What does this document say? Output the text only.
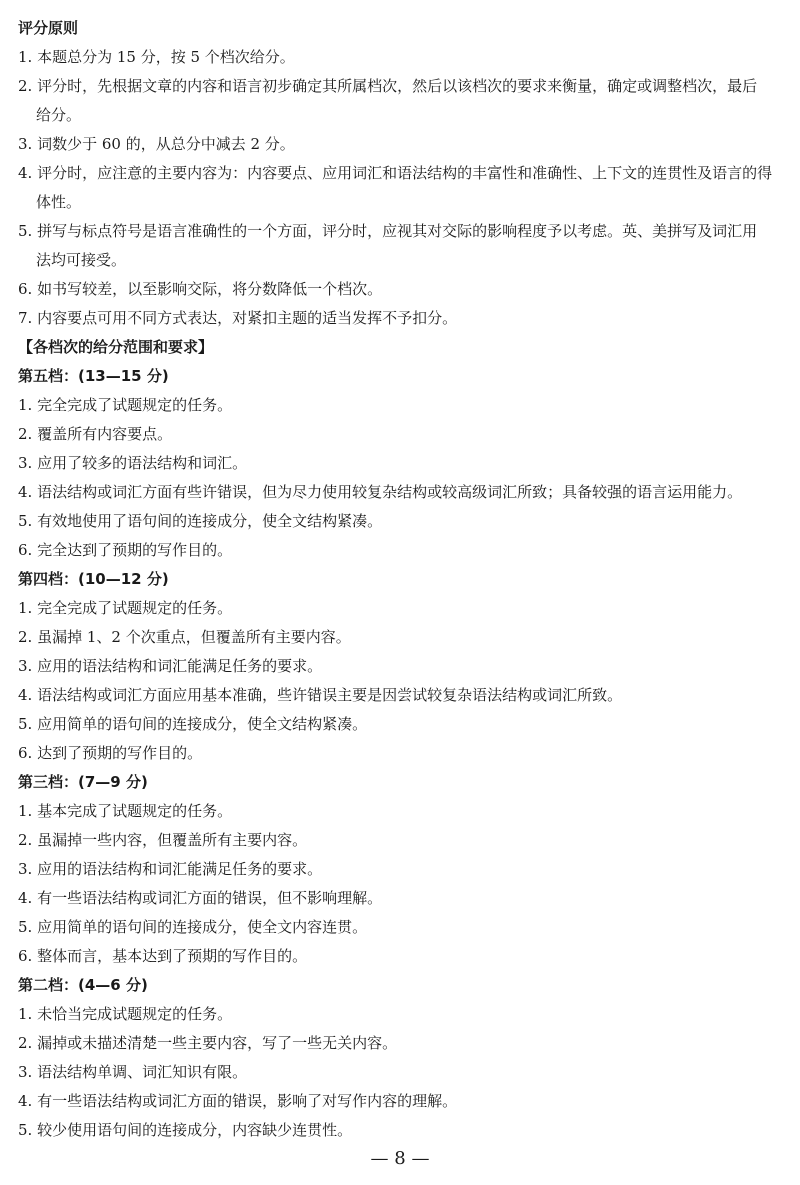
评分原则

1. 本题总分为 15 分，按 5 个档次给分。

2. 评分时，先根据文章的内容和语言初步确定其所属档次，然后以该档次的要求来衡量，确定或调整档次，最后

给分。

3. 词数少于 60 的，从总分中减去 2 分。

4. 评分时，应注意的主要内容为：内容要点、应用词汇和语法结构的丰富性和准确性、上下文的连贯性及语言的得

体性。

5. 拼写与标点符号是语言准确性的一个方面，评分时，应视其对交际的影响程度予以考虑。英、美拼写及词汇用

法均可接受。

6. 如书写较差，以至影响交际，将分数降低一个档次。

7. 内容要点可用不同方式表达，对紧扣主题的适当发挥不予扣分。

【各档次的给分范围和要求】

第五档：(13—15 分)

1. 完全完成了试题规定的任务。

2. 覆盖所有内容要点。

3. 应用了较多的语法结构和词汇。

4. 语法结构或词汇方面有些许错误，但为尽力使用较复杂结构或较高级词汇所致；具备较强的语言运用能力。

5. 有效地使用了语句间的连接成分，使全文结构紧凑。

6. 完全达到了预期的写作目的。

第四档：(10—12 分)

1. 完全完成了试题规定的任务。

2. 虽漏掉 1、2 个次重点，但覆盖所有主要内容。

3. 应用的语法结构和词汇能满足任务的要求。

4. 语法结构或词汇方面应用基本准确，些许错误主要是因尝试较复杂语法结构或词汇所致。

5. 应用简单的语句间的连接成分，使全文结构紧凑。

6. 达到了预期的写作目的。

第三档：(7—9 分)

1. 基本完成了试题规定的任务。

2. 虽漏掉一些内容，但覆盖所有主要内容。

3. 应用的语法结构和词汇能满足任务的要求。

4. 有一些语法结构或词汇方面的错误，但不影响理解。

5. 应用简单的语句间的连接成分，使全文内容连贯。

6. 整体而言，基本达到了预期的写作目的。

第二档：(4—6 分)

1. 未恰当完成试题规定的任务。

2. 漏掉或未描述清楚一些主要内容，写了一些无关内容。

3. 语法结构单调、词汇知识有限。

4. 有一些语法结构或词汇方面的错误，影响了对写作内容的理解。

5. 较少使用语句间的连接成分，内容缺少连贯性。

— 8 —
